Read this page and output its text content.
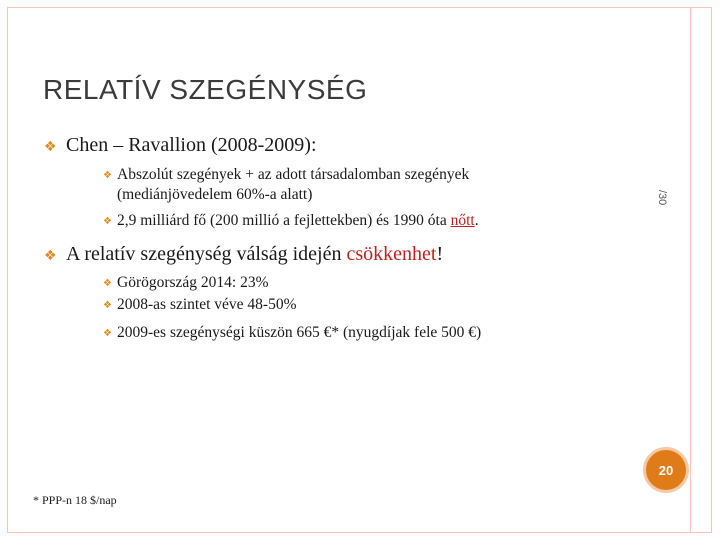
RELATÍV SZEGÉNYSÉG
❖ Chen – Ravallion (2008-2009):
❖ Abszolút szegények + az adott társadalomban szegények
(mediánjövedelem 60%-a alatt)
❖ 2,9 milliárd fő (200 millió a fejlettekben) és 1990 óta nőtt.
❖ A relatív szegénység válság idején csökkenhet!
❖ Görögország 2014: 23%
❖ 2008-as szintet véve 48-50%
❖ 2009-es szegénységi küszön 665 €* (nyugdíjak fele 500 €)
/30
20
* PPP-n 18 $/nap
